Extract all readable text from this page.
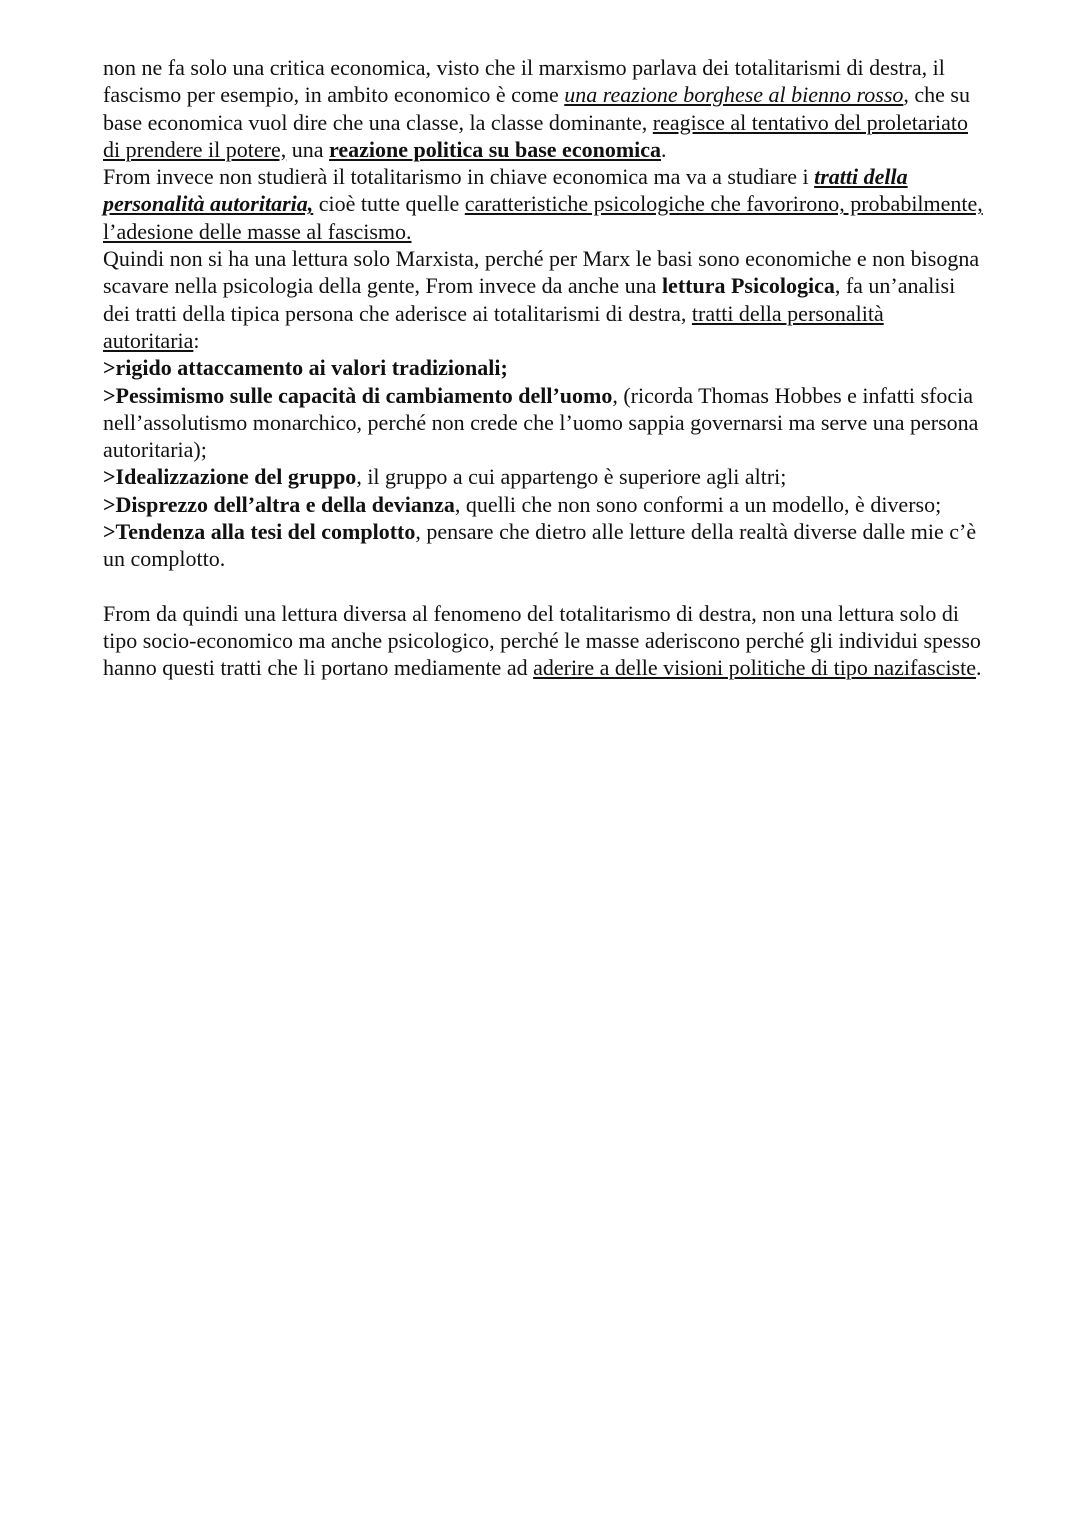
non ne fa solo una critica economica, visto che il marxismo parlava dei totalitarismi di destra, il fascismo per esempio, in ambito economico è come una reazione borghese al bienno rosso, che su base economica vuol dire che una classe, la classe dominante, reagisce al tentativo del proletariato di prendere il potere, una reazione politica su base economica.
From invece non studierà il totalitarismo in chiave economica ma va a studiare i tratti della personalità autoritaria, cioè tutte quelle caratteristiche psicologiche che favorirono, probabilmente, l’adesione delle masse al fascismo.

Quindi non si ha una lettura solo Marxista, perché per Marx le basi sono economiche e non bisogna scavare nella psicologia della gente, From invece da anche una lettura Psicologica, fa un’analisi dei tratti della tipica persona che aderisce ai totalitarismi di destra, tratti della personalità autoritaria:

>rigido attaccamento ai valori tradizionali;

>Pessimismo sulle capacità di cambiamento dell’uomo, (ricorda Thomas Hobbes e infatti sfocia nell’assolutismo monarchico, perché non crede che l’uomo sappia governarsi ma serve una persona autoritaria);

>Idealizzazione del gruppo, il gruppo a cui appartengo è superiore agli altri;

>Disprezzo dell’altra e della devianza, quelli che non sono conformi a un modello, è diverso;

>Tendenza alla tesi del complotto, pensare che dietro alle letture della realtà diverse dalle mie c’è un complotto.

From da quindi una lettura diversa al fenomeno del totalitarismo di destra, non una lettura solo di tipo socio-economico ma anche psicologico, perché le masse aderiscono perché gli individui spesso hanno questi tratti che li portano mediamente ad aderire a delle visioni politiche di tipo nazifasciste.
